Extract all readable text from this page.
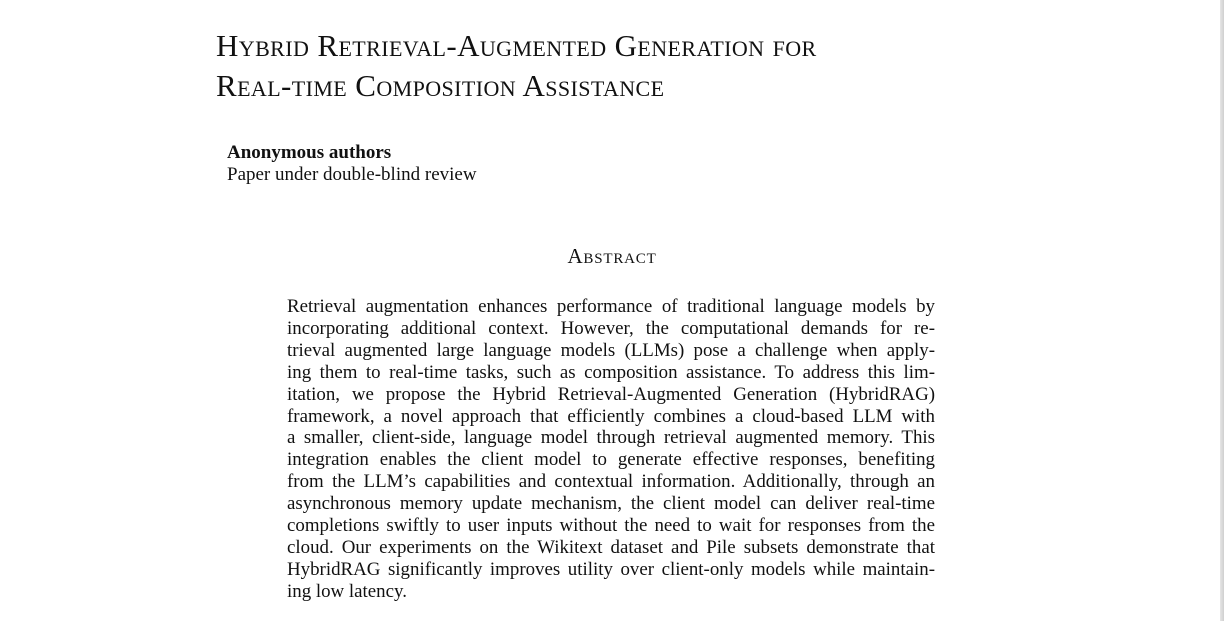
Hybrid Retrieval-Augmented Generation for
Real-time Composition Assistance
Anonymous authors
Paper under double-blind review
Abstract

Retrieval augmentation enhances performance of traditional language models by
incorporating additional context. However, the computational demands for re-
trieval augmented large language models (LLMs) pose a challenge when apply-
ing them to real-time tasks, such as composition assistance. To address this lim-
itation, we propose the Hybrid Retrieval-Augmented Generation (HybridRAG)
framework, a novel approach that efficiently combines a cloud-based LLM with
a smaller, client-side, language model through retrieval augmented memory. This
integration enables the client model to generate effective responses, benefiting
from the LLM’s capabilities and contextual information. Additionally, through an
asynchronous memory update mechanism, the client model can deliver real-time
completions swiftly to user inputs without the need to wait for responses from the
cloud. Our experiments on the Wikitext dataset and Pile subsets demonstrate that
HybridRAG significantly improves utility over client-only models while maintain-
ing low latency.
